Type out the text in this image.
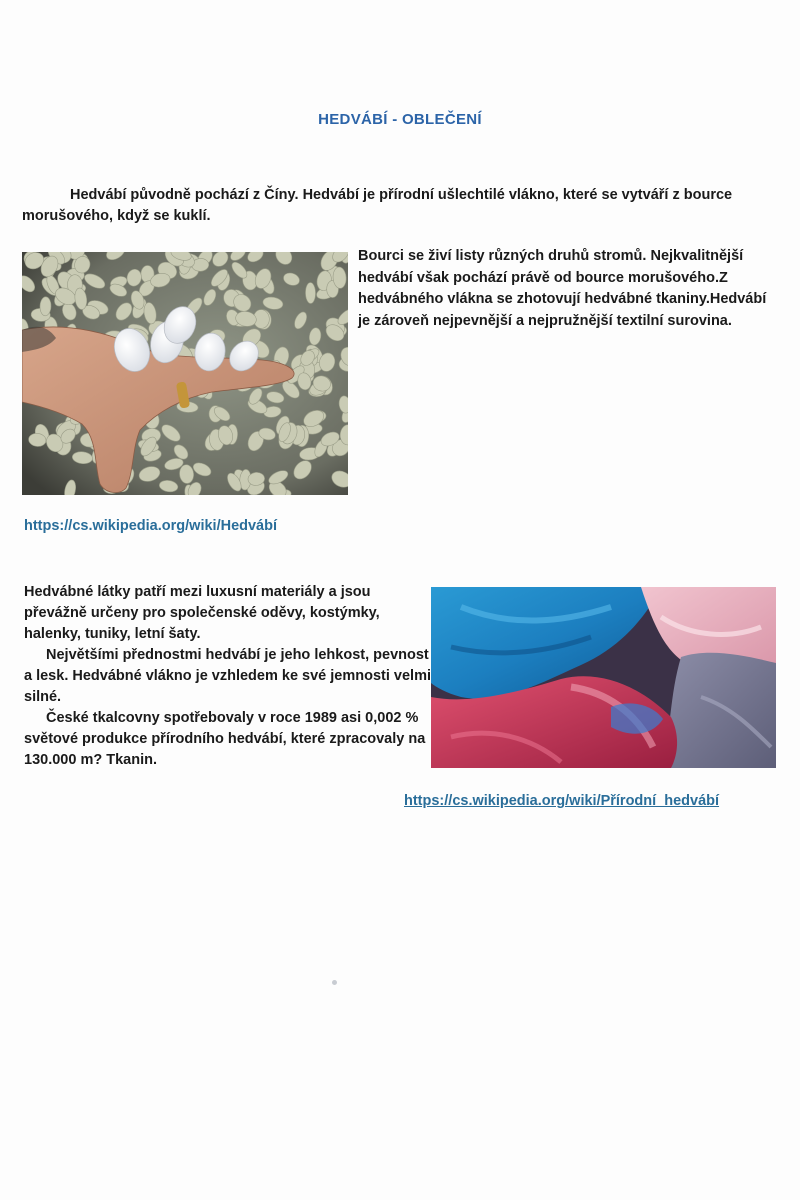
HEDVÁBÍ - OBLEČENÍ

Hedvábí původně pochází z Číny. Hedvábí je přírodní ušlechtilé vlákno, které se vytváří z bource morušového, když se kuklí.

Bourci se živí listy různých druhů stromů. Nejkvalitnější hedvábí však pochází právě od bource morušového.Z hedvábného vlákna se zhotovují hedvábné tkaniny.Hedvábí je zároveň nejpevnější a nejpružnější textilní surovina.

https://cs.wikipedia.org/wiki/Hedvábí

Hedvábné látky patří mezi luxusní materiály a jsou převážně určeny pro společenské oděvy, kostýmky, halenky, tuniky, letní šaty.

Největšími přednostmi hedvábí je jeho lehkost, pevnost a lesk. Hedvábné vlákno je vzhledem ke své jemnosti velmi silné.

České tkalcovny spotřebovaly v roce 1989 asi 0,002 % světové produkce přírodního hedvábí, které zpracovaly na 130.000 m? Tkanin.

https://cs.wikipedia.org/wiki/Přírodní_hedvábí
